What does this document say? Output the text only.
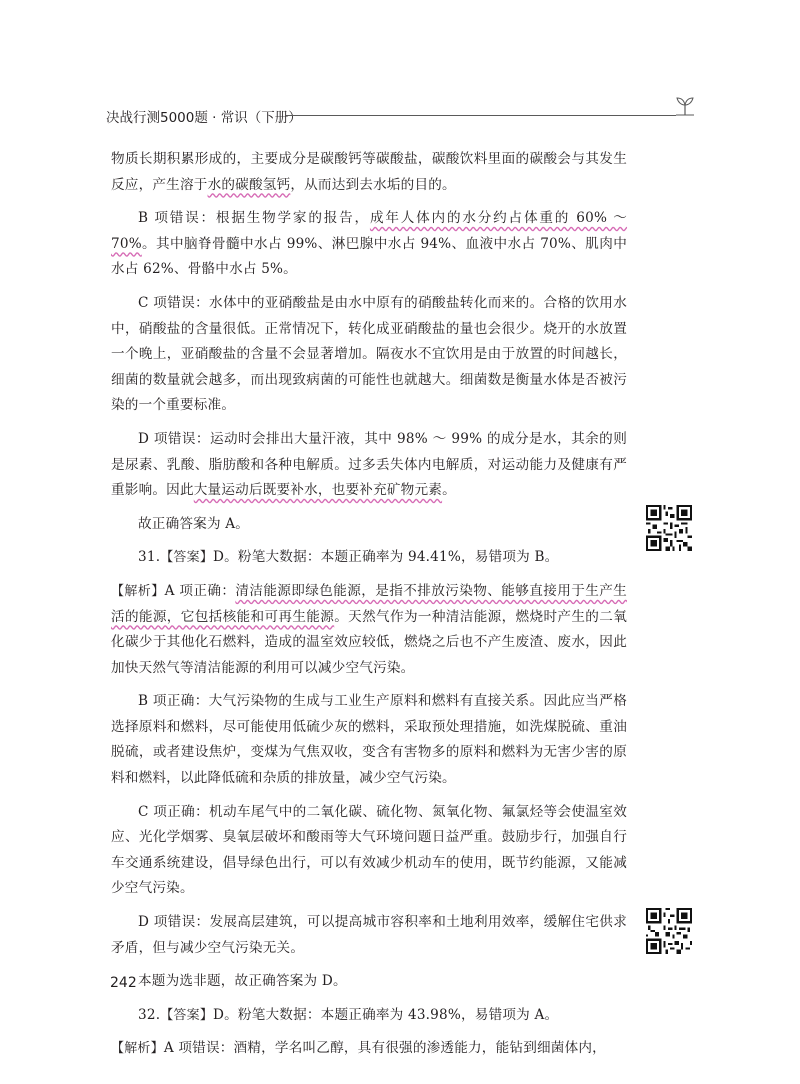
决战行测5000题 · 常识（下册）

物质长期积累形成的，主要成分是碳酸钙等碳酸盐，碳酸饮料里面的碳酸会与其发生反应，产生溶于水的碳酸氢钙，从而达到去水垢的目的。

B 项错误：根据生物学家的报告，成年人体内的水分约占体重的 60% ～ 70%。其中脑脊骨髓中水占 99%、淋巴腺中水占 94%、血液中水占 70%、肌肉中水占 62%、骨骼中水占 5%。

C 项错误：水体中的亚硝酸盐是由水中原有的硝酸盐转化而来的。合格的饮用水中，硝酸盐的含量很低。正常情况下，转化成亚硝酸盐的量也会很少。烧开的水放置一个晚上，亚硝酸盐的含量不会显著增加。隔夜水不宜饮用是由于放置的时间越长，细菌的数量就会越多，而出现致病菌的可能性也就越大。细菌数是衡量水体是否被污染的一个重要标准。

D 项错误：运动时会排出大量汗液，其中 98% ～ 99% 的成分是水，其余的则是尿素、乳酸、脂肪酸和各种电解质。过多丢失体内电解质，对运动能力及健康有严重影响。因此大量运动后既要补水，也要补充矿物元素。

故正确答案为 A。

31.【答案】D。粉笔大数据：本题正确率为 94.41%，易错项为 B。

【解析】A 项正确：清洁能源即绿色能源，是指不排放污染物、能够直接用于生产生活的能源，它包括核能和可再生能源。天然气作为一种清洁能源，燃烧时产生的二氧化碳少于其他化石燃料，造成的温室效应较低，燃烧之后也不产生废渣、废水，因此加快天然气等清洁能源的利用可以减少空气污染。

B 项正确：大气污染物的生成与工业生产原料和燃料有直接关系。因此应当严格选择原料和燃料，尽可能使用低硫少灰的燃料，采取预处理措施，如洗煤脱硫、重油脱硫，或者建设焦炉，变煤为气焦双收，变含有害物多的原料和燃料为无害少害的原料和燃料，以此降低硫和杂质的排放量，减少空气污染。

C 项正确：机动车尾气中的二氧化碳、硫化物、氮氧化物、氟氯烃等会使温室效应、光化学烟雾、臭氧层破坏和酸雨等大气环境问题日益严重。鼓励步行，加强自行车交通系统建设，倡导绿色出行，可以有效减少机动车的使用，既节约能源，又能减少空气污染。

D 项错误：发展高层建筑，可以提高城市容积率和土地利用效率，缓解住宅供求矛盾，但与减少空气污染无关。

本题为选非题，故正确答案为 D。

32.【答案】D。粉笔大数据：本题正确率为 43.98%，易错项为 A。

【解析】A 项错误：酒精，学名叫乙醇，具有很强的渗透能力，能钻到细菌体内，

242
